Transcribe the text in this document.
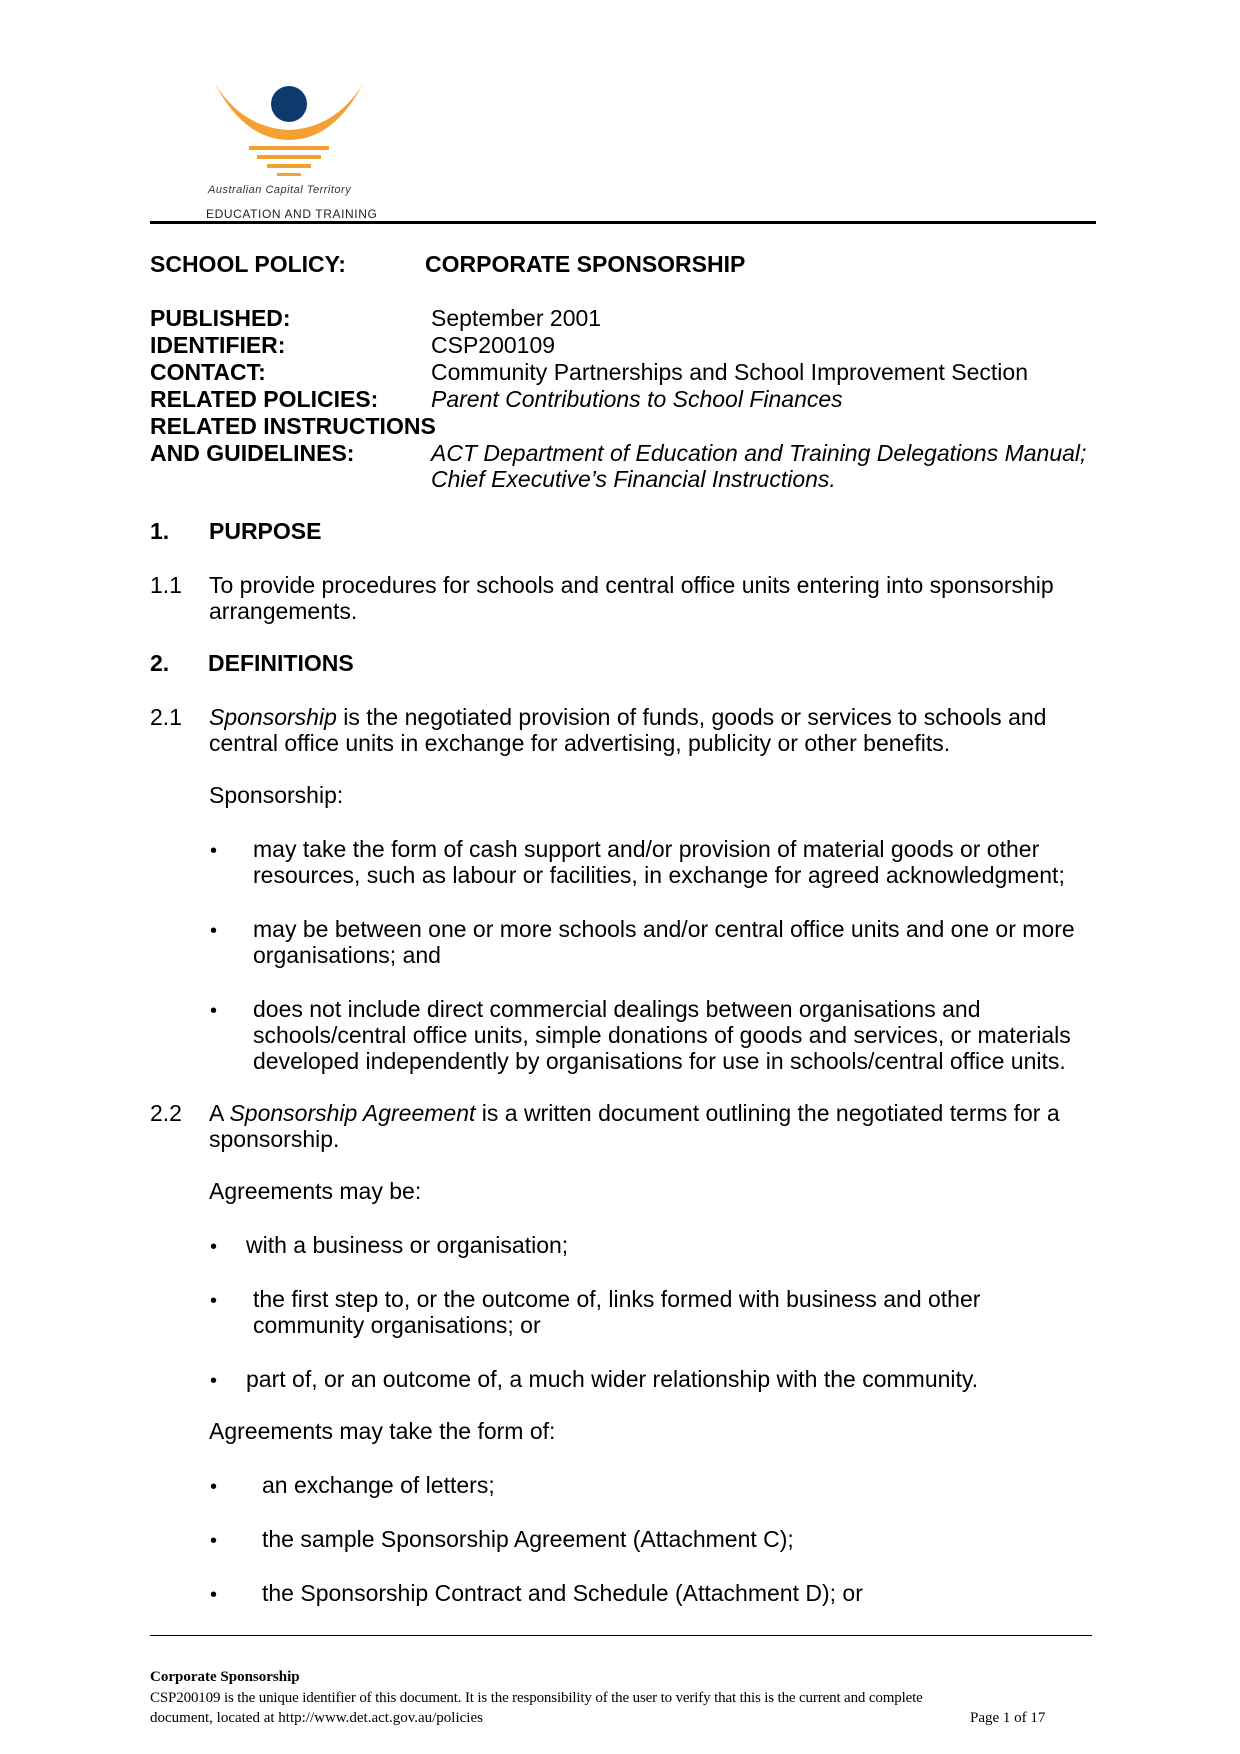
Australian Capital Territory
EDUCATION AND TRAINING
SCHOOL POLICY:	CORPORATE SPONSORSHIP
PUBLISHED:	September 2001
IDENTIFIER:	CSP200109
CONTACT:	Community Partnerships and School Improvement Section
RELATED POLICIES: Parent Contributions to School Finances
RELATED INSTRUCTIONS
AND GUIDELINES:	ACT Department of Education and Training Delegations Manual;
Chief Executive’s Financial Instructions.
1. PURPOSE
1.1 To provide procedures for schools and central office units entering into sponsorship
arrangements.
2. DEFINITIONS
2.1 Sponsorship is the negotiated provision of funds, goods or services to schools and
central office units in exchange for advertising, publicity or other benefits.
Sponsorship:
• may take the form of cash support and/or provision of material goods or other
resources, such as labour or facilities, in exchange for agreed acknowledgment;
• may be between one or more schools and/or central office units and one or more
organisations; and
• does not include direct commercial dealings between organisations and
schools/central office units, simple donations of goods and services, or materials
developed independently by organisations for use in schools/central office units.
2.2 A Sponsorship Agreement is a written document outlining the negotiated terms for a
sponsorship.
Agreements may be:
• with a business or organisation;
• the first step to, or the outcome of, links formed with business and other
community organisations; or
• part of, or an outcome of, a much wider relationship with the community.
Agreements may take the form of:
• an exchange of letters;
• the sample Sponsorship Agreement (Attachment C);
• the Sponsorship Contract and Schedule (Attachment D); or
Corporate Sponsorship
CSP200109 is the unique identifier of this document. It is the responsibility of the user to verify that this is the current and complete
document, located at http://www.det.act.gov.au/policies	Page 1 of 17
